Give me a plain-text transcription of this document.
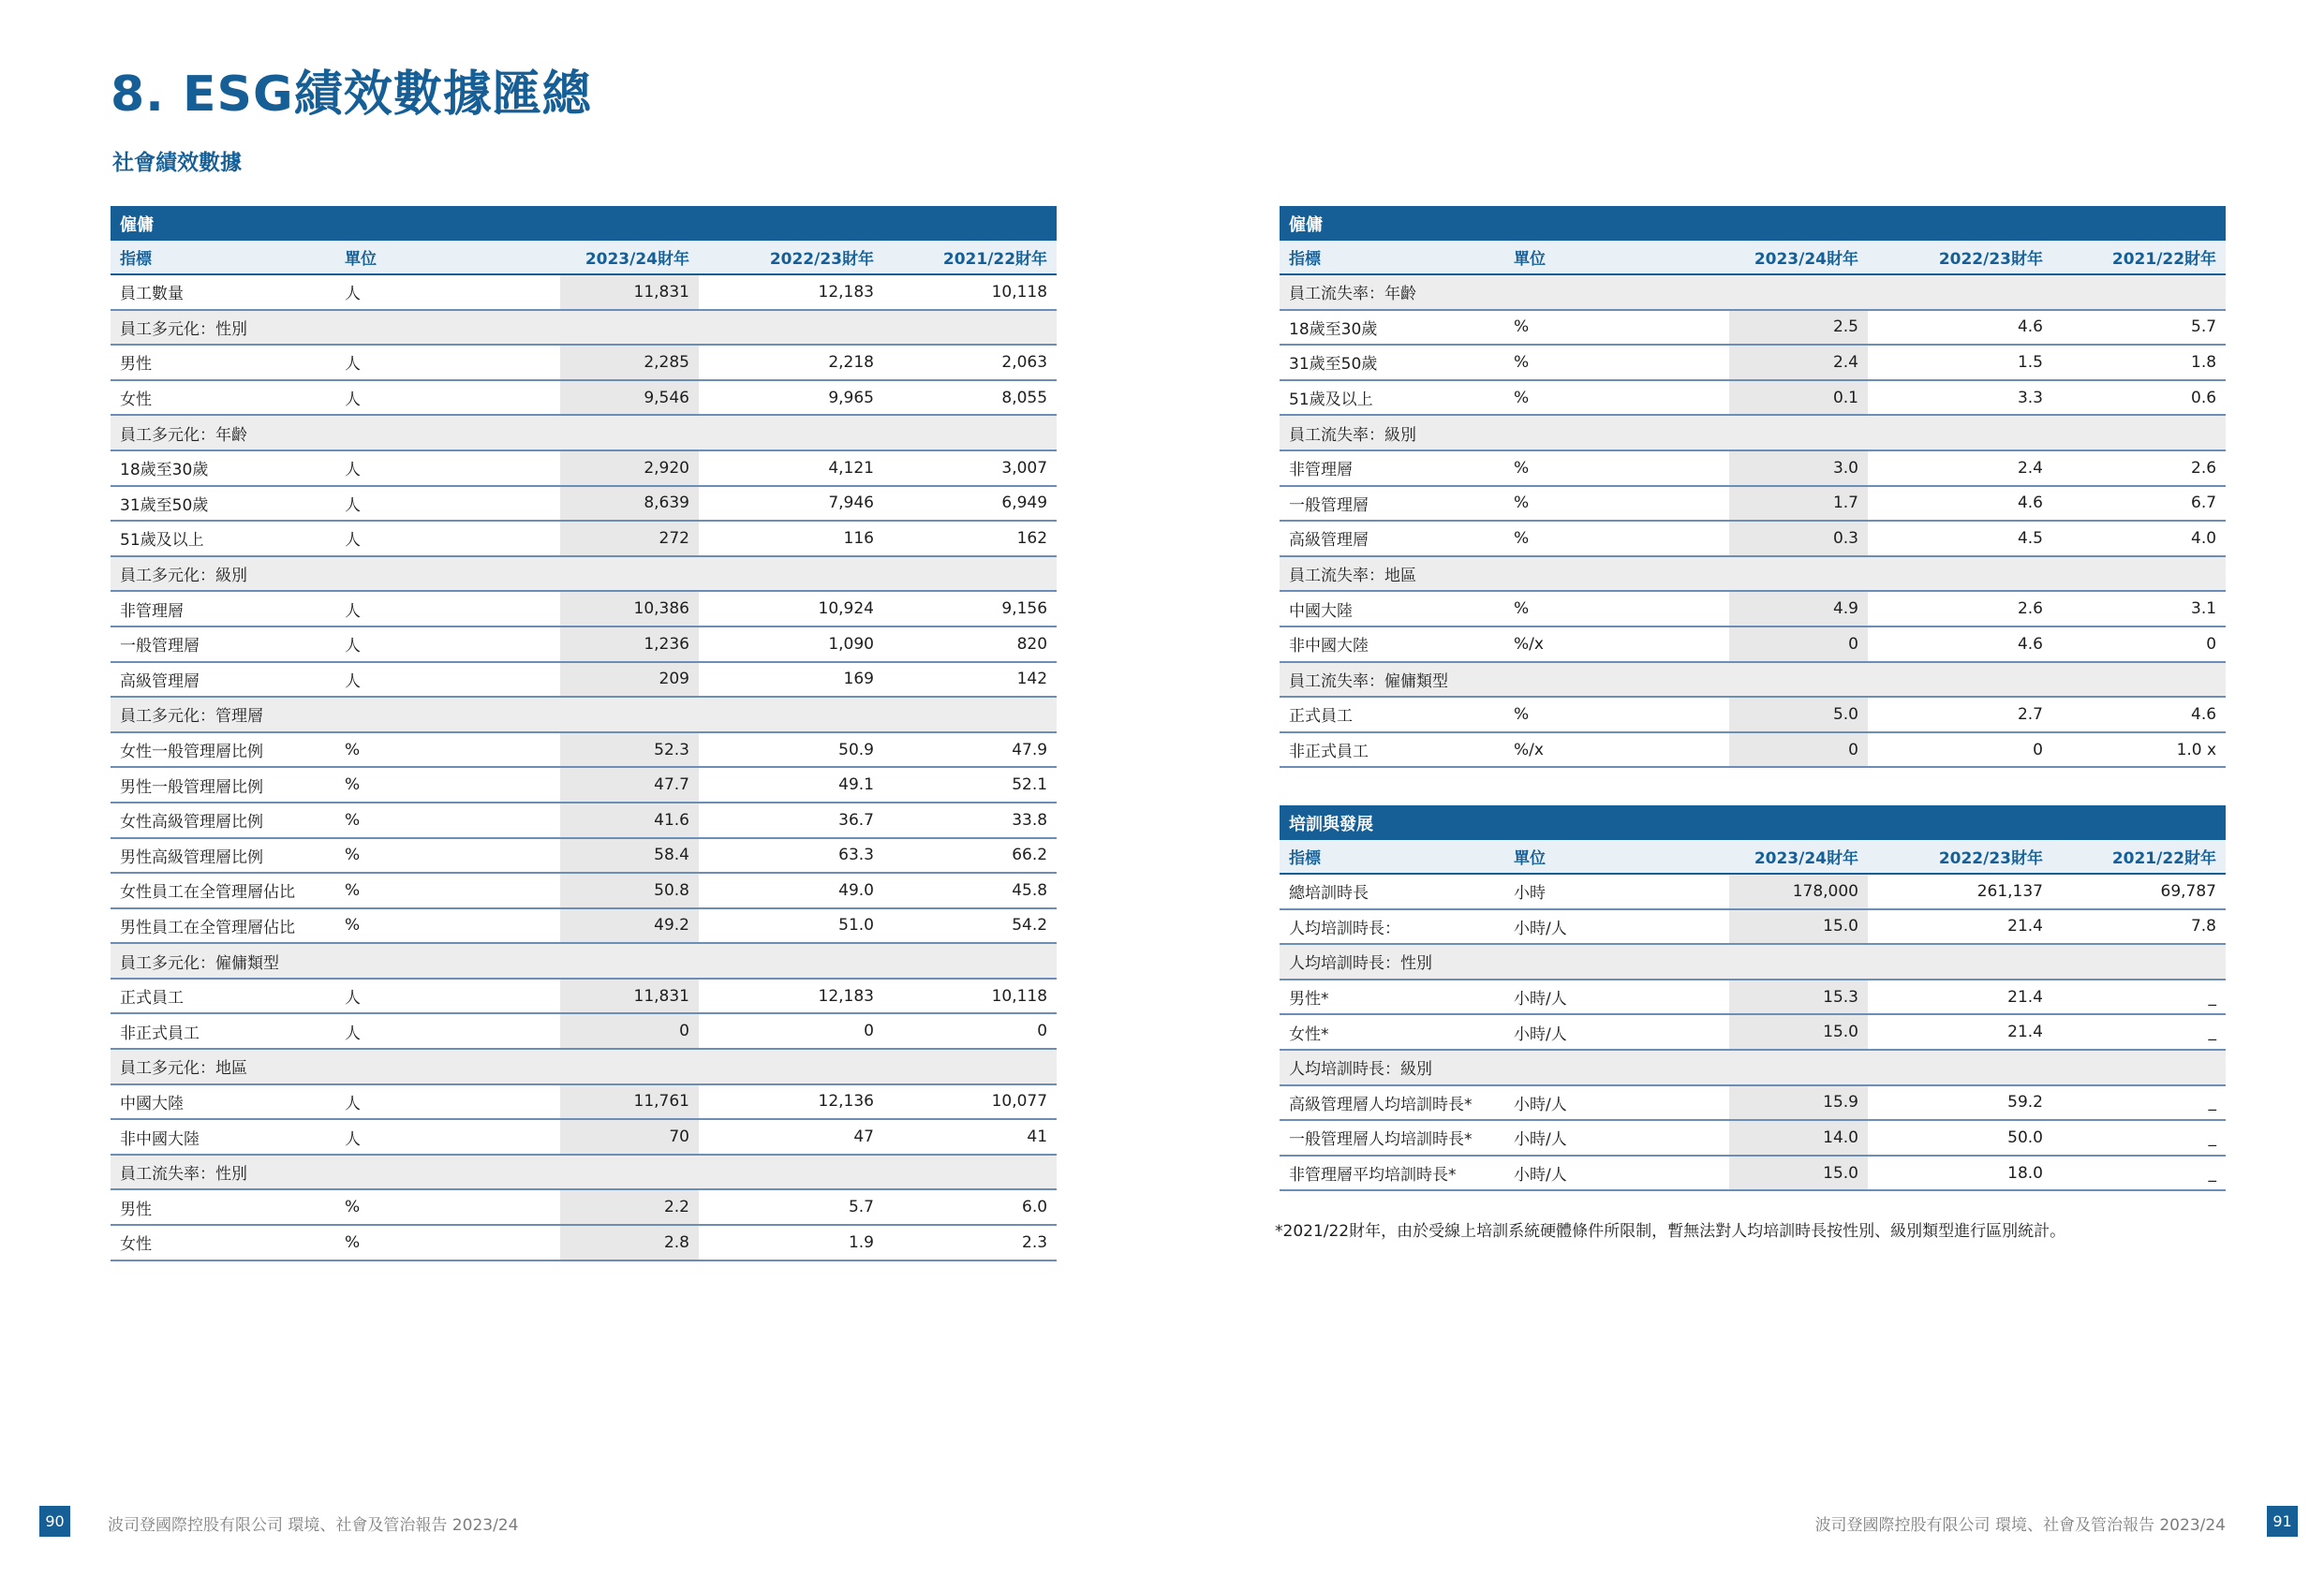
8. ESG績效數據匯總
社會績效數據
僱傭				
指標	單位	2023/24財年	2022/23財年	2021/22財年
員工數量	人	11,831	12,183	10,118
員工多元化：性別				
男性	人	2,285	2,218	2,063
女性	人	9,546	9,965	8,055
員工多元化：年齡				
18歲至30歲	人	2,920	4,121	3,007
31歲至50歲	人	8,639	7,946	6,949
51歲及以上	人	272	116	162
員工多元化：級別				
非管理層	人	10,386	10,924	9,156
一般管理層	人	1,236	1,090	820
高級管理層	人	209	169	142
員工多元化：管理層				
女性一般管理層比例	%	52.3	50.9	47.9
男性一般管理層比例	%	47.7	49.1	52.1
女性高級管理層比例	%	41.6	36.7	33.8
男性高級管理層比例	%	58.4	63.3	66.2
女性員工在全管理層佔比	%	50.8	49.0	45.8
男性員工在全管理層佔比	%	49.2	51.0	54.2
員工多元化：僱傭類型				
正式員工	人	11,831	12,183	10,118
非正式員工	人	0	0	0
員工多元化：地區				
中國大陸	人	11,761	12,136	10,077
非中國大陸	人	70	47	41
員工流失率：性別				
男性	%	2.2	5.7	6.0
女性	%	2.8	1.9	2.3
僱傭				
指標	單位	2023/24財年	2022/23財年	2021/22財年
員工流失率：年齡				
18歲至30歲	%	2.5	4.6	5.7
31歲至50歲	%	2.4	1.5	1.8
51歲及以上	%	0.1	3.3	0.6
員工流失率：級別				
非管理層	%	3.0	2.4	2.6
一般管理層	%	1.7	4.6	6.7
高級管理層	%	0.3	4.5	4.0
員工流失率：地區				
中國大陸	%	4.9	2.6	3.1
非中國大陸	%/x	0	4.6	0
員工流失率：僱傭類型				
正式員工	%	5.0	2.7	4.6
非正式員工	%/x	0	0	1.0 x
培訓與發展				
指標	單位	2023/24財年	2022/23財年	2021/22財年
總培訓時長	小時	178,000	261,137	69,787
人均培訓時長：	小時/人	15.0	21.4	7.8
人均培訓時長：性別				
男性*	小時/人	15.3	21.4	_
女性*	小時/人	15.0	21.4	_
人均培訓時長：級別				
高級管理層人均培訓時長*	小時/人	15.9	59.2	_
一般管理層人均培訓時長*	小時/人	14.0	50.0	_
非管理層平均培訓時長*	小時/人	15.0	18.0	_
*2021/22財年，由於受線上培訓系統硬體條件所限制，暫無法對人均培訓時長按性別、級別類型進行區別統計。
90	波司登國際控股有限公司 環境、社會及管治報告 2023/24	波司登國際控股有限公司 環境、社會及管治報告 2023/24	91
